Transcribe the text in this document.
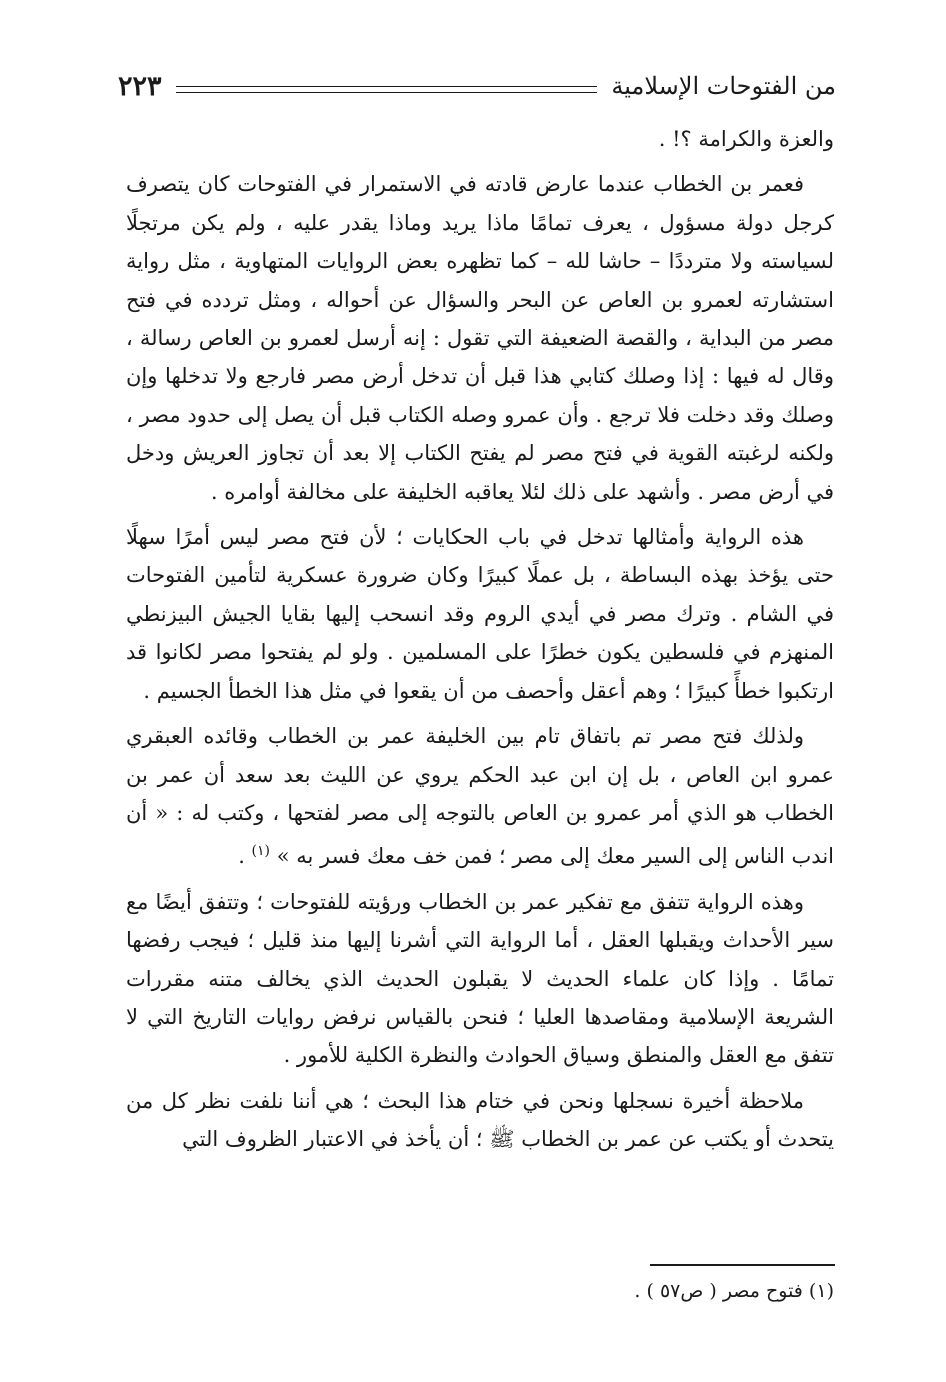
من الفتوحات الإسلامية
٢٢٣

والعزة والكرامة ؟! .

فعمر بن الخطاب عندما عارض قادته في الاستمرار في الفتوحات كان يتصرف كرجل دولة مسؤول ، يعرف تمامًا ماذا يريد وماذا يقدر عليه ، ولم يكن مرتجلًا لسياسته ولا مترددًا – حاشا لله – كما تظهره بعض الروايات المتهاوية ، مثل رواية استشارته لعمرو بن العاص عن البحر والسؤال عن أحواله ، ومثل تردده في فتح مصر من البداية ، والقصة الضعيفة التي تقول : إنه أرسل لعمرو بن العاص رسالة ، وقال له فيها : إذا وصلك كتابي هذا قبل أن تدخل أرض مصر فارجع ولا تدخلها وإن وصلك وقد دخلت فلا ترجع . وأن عمرو وصله الكتاب قبل أن يصل إلى حدود مصر ، ولكنه لرغبته القوية في فتح مصر لم يفتح الكتاب إلا بعد أن تجاوز العريش ودخل في أرض مصر . وأشهد على ذلك لئلا يعاقبه الخليفة على مخالفة أوامره .

هذه الرواية وأمثالها تدخل في باب الحكايات ؛ لأن فتح مصر ليس أمرًا سهلًا حتى يؤخذ بهذه البساطة ، بل عملًا كبيرًا وكان ضرورة عسكرية لتأمين الفتوحات في الشام . وترك مصر في أيدي الروم وقد انسحب إليها بقايا الجيش البيزنطي المنهزم في فلسطين يكون خطرًا على المسلمين . ولو لم يفتحوا مصر لكانوا قد ارتكبوا خطأً كبيرًا ؛ وهم أعقل وأحصف من أن يقعوا في مثل هذا الخطأ الجسيم .

ولذلك فتح مصر تم باتفاق تام بين الخليفة عمر بن الخطاب وقائده العبقري عمرو ابن العاص ، بل إن ابن عبد الحكم يروي عن الليث بعد سعد أن عمر بن الخطاب هو الذي أمر عمرو بن العاص بالتوجه إلى مصر لفتحها ، وكتب له : « أن اندب الناس إلى السير معك إلى مصر ؛ فمن خف معك فسر به » $^{(١)}$ .

وهذه الرواية تتفق مع تفكير عمر بن الخطاب ورؤيته للفتوحات ؛ وتتفق أيضًا مع سير الأحداث ويقبلها العقل ، أما الرواية التي أشرنا إليها منذ قليل ؛ فيجب رفضها تمامًا . وإذا كان علماء الحديث لا يقبلون الحديث الذي يخالف متنه مقررات الشريعة الإسلامية ومقاصدها العليا ؛ فنحن بالقياس نرفض روايات التاريخ التي لا تتفق مع العقل والمنطق وسياق الحوادث والنظرة الكلية للأمور .

ملاحظة أخيرة نسجلها ونحن في ختام هذا البحث ؛ هي أننا نلفت نظر كل من يتحدث أو يكتب عن عمر بن الخطاب ﷺ ؛ أن يأخذ في الاعتبار الظروف التي

(١) فتوح مصر ( ص٥٧ ) .
